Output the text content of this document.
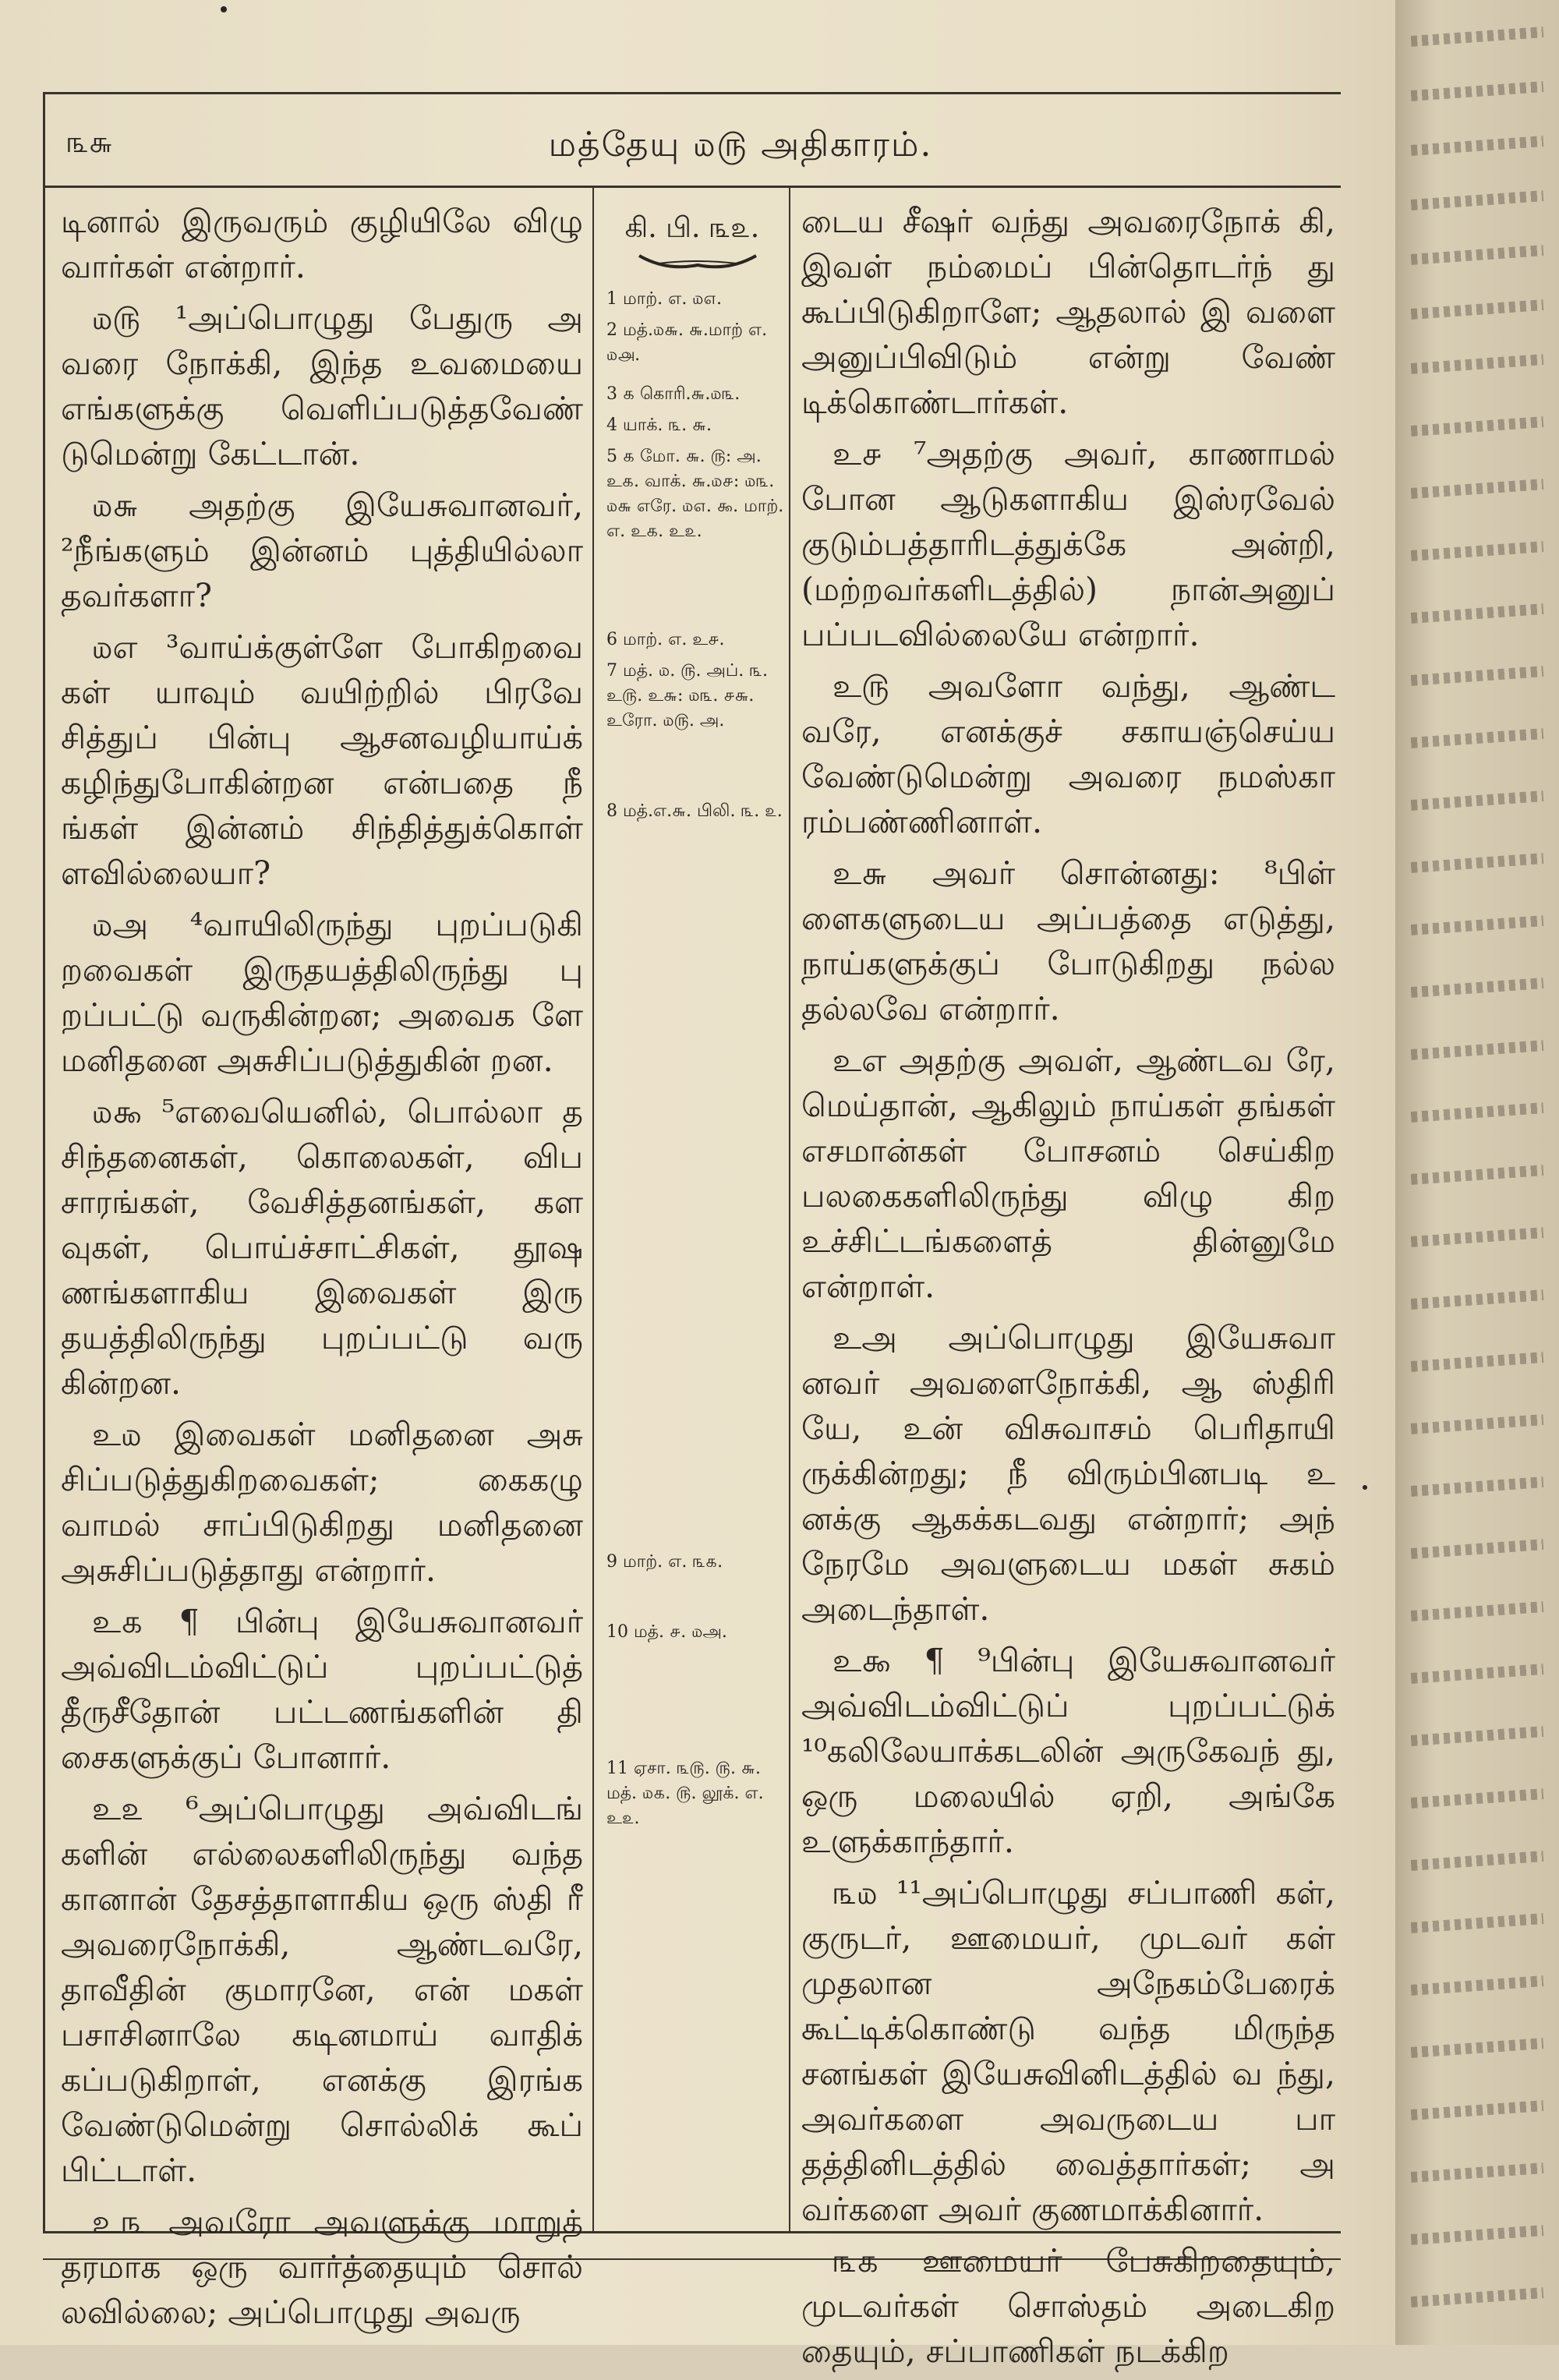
௩௬	மத்தேயு ௰௫ அதிகாரம்.
கி. பி. ௩௨.
1 மாற். எ. ௰௭.
2 மத்.௰௬. ௬.மாற் எ. ௰௮.
3 ௧ கொரி.௬.௰௩.
4 யாக். ௩. ௬.
5 ௧ மோ. ௬. ௫: அ. உ௧. வாக். ௬.௰௪: ௰௩. ௰௬ எரே. ௰௭. ௯. மாற். எ. உ௧. உ௨.
6 மாற். எ. உ௪.
7 மத். ௰. ௫. அப். ௩. உ௫. உ௬: ௰௩. ௪௬. உரோ. ௰௫. அ.
8 மத்.எ.௬. பிலி. ௩. ௨.
9 மாற். எ. ௩௧.
10 மத். ௪. ௰அ.
11 ஏசா. ௩௫. ௫. ௬. மத். ௰௧. ௫. லூக். எ. உ௨.

டினால் இருவரும் குழியிலே விழு வார்கள் என்றார்.

௰௫ ¹அப்பொழுது பேதுரு அ வரை நோக்கி, இந்த உவமையை எங்களுக்கு வெளிப்படுத்தவேண் டுமென்று கேட்டான்.

௰௬ அதற்கு இயேசுவானவர், ²நீங்களும் இன்னம் புத்தியில்லா தவர்களா?

௰எ ³வாய்க்குள்ளே போகிறவை கள் யாவும் வயிற்றில் பிரவே சித்துப் பின்பு ஆசனவழியாய்க் கழிந்துபோகின்றன என்பதை நீ ங்கள் இன்னம் சிந்தித்துக்கொள் ளவில்லையா?

௰அ ⁴வாயிலிருந்து புறப்படுகி றவைகள் இருதயத்திலிருந்து பு றப்பட்டு வருகின்றன; அவைக ளே மனிதனை அசுசிப்படுத்துகின் றன.

௰௯ ⁵எவையெனில், பொல்லா த சிந்தனைகள், கொலைகள், விப சாரங்கள், வேசித்தனங்கள், கள வுகள், பொய்ச்சாட்சிகள், தூஷ ணங்களாகிய இவைகள் இரு தயத்திலிருந்து புறப்பட்டு வரு கின்றன.

உ௰ இவைகள் மனிதனை அசு சிப்படுத்துகிறவைகள்; கைகழு வாமல் சாப்பிடுகிறது மனிதனை அசுசிப்படுத்தாது என்றார்.

உ௧ ¶ பின்பு இயேசுவானவர் அவ்விடம்விட்டுப் புறப்பட்டுத் தீருசீதோன் பட்டணங்களின் தி சைகளுக்குப் போனார்.

உ௨ ⁶அப்பொழுது அவ்விடங் களின் எல்லைகளிலிருந்து வந்த கானான் தேசத்தாளாகிய ஒரு ஸ்தி ரீ அவரைநோக்கி, ஆண்டவரே, தாவீதின் குமாரனே, என் மகள் பசாசினாலே கடினமாய் வாதிக் கப்படுகிறாள், எனக்கு இரங்க வேண்டுமென்று சொல்லிக் கூப் பிட்டாள்.

உ௩ அவரோ அவளுக்கு மாறுத் தரமாக ஒரு வார்த்தையும் சொல் லவில்லை; அப்பொழுது அவரு

டைய சீஷர் வந்து அவரைநோக் கி, இவள் நம்மைப் பின்தொடர்ந் து கூப்பிடுகிறாளே; ஆதலால் இ வளை அனுப்பிவிடும் என்று வேண் டிக்கொண்டார்கள்.

உ௪ ⁷அதற்கு அவர், காணாமல் போன ஆடுகளாகிய இஸ்ரவேல் குடும்பத்தாரிடத்துக்கே அன்றி, (மற்றவர்களிடத்தில்) நான்அனுப் பப்படவில்லையே என்றார்.

உ௫ அவளோ வந்து, ஆண்ட வரே, எனக்குச் சகாயஞ்செய்ய வேண்டுமென்று அவரை நமஸ்கா ரம்பண்ணினாள்.

உ௬ அவர் சொன்னது: ⁸பிள் ளைகளுடைய அப்பத்தை எடுத்து, நாய்களுக்குப் போடுகிறது நல்ல தல்லவே என்றார்.

உஎ அதற்கு அவள், ஆண்டவ ரே, மெய்தான், ஆகிலும் நாய்கள் தங்கள் எசமான்கள் போசனம் செய்கிற பலகைகளிலிருந்து விழு கிற உச்சிட்டங்களைத் தின்னுமே என்றாள்.

உஅ அப்பொழுது இயேசுவா னவர் அவளைநோக்கி, ஆ ஸ்திரி யே, உன் விசுவாசம் பெரிதாயி ருக்கின்றது; நீ விரும்பினபடி உ னக்கு ஆகக்கடவது என்றார்; அந் நேரமே அவளுடைய மகள் சுகம் அடைந்தாள்.

உ௯ ¶ ⁹பின்பு இயேசுவானவர் அவ்விடம்விட்டுப் புறப்பட்டுக் ¹⁰கலிலேயாக்கடலின் அருகேவந் து, ஒரு மலையில் ஏறி, அங்கே உளுக்காந்தார்.

௩௰ ¹¹அப்பொழுது சப்பாணி கள், குருடர், ஊமையர், முடவர் கள் முதலான அநேகம்பேரைக் கூட்டிக்கொண்டு வந்த மிருந்த சனங்கள் இயேசுவினிடத்தில் வ ந்து, அவர்களை அவருடைய பா தத்தினிடத்தில் வைத்தார்கள்; அ வர்களை அவர் குணமாக்கினார்.

௩௧ ஊமையர் பேசுகிறதையும், முடவர்கள் சொஸ்தம் அடைகிற தையும், சப்பாணிகள் நடக்கிற
